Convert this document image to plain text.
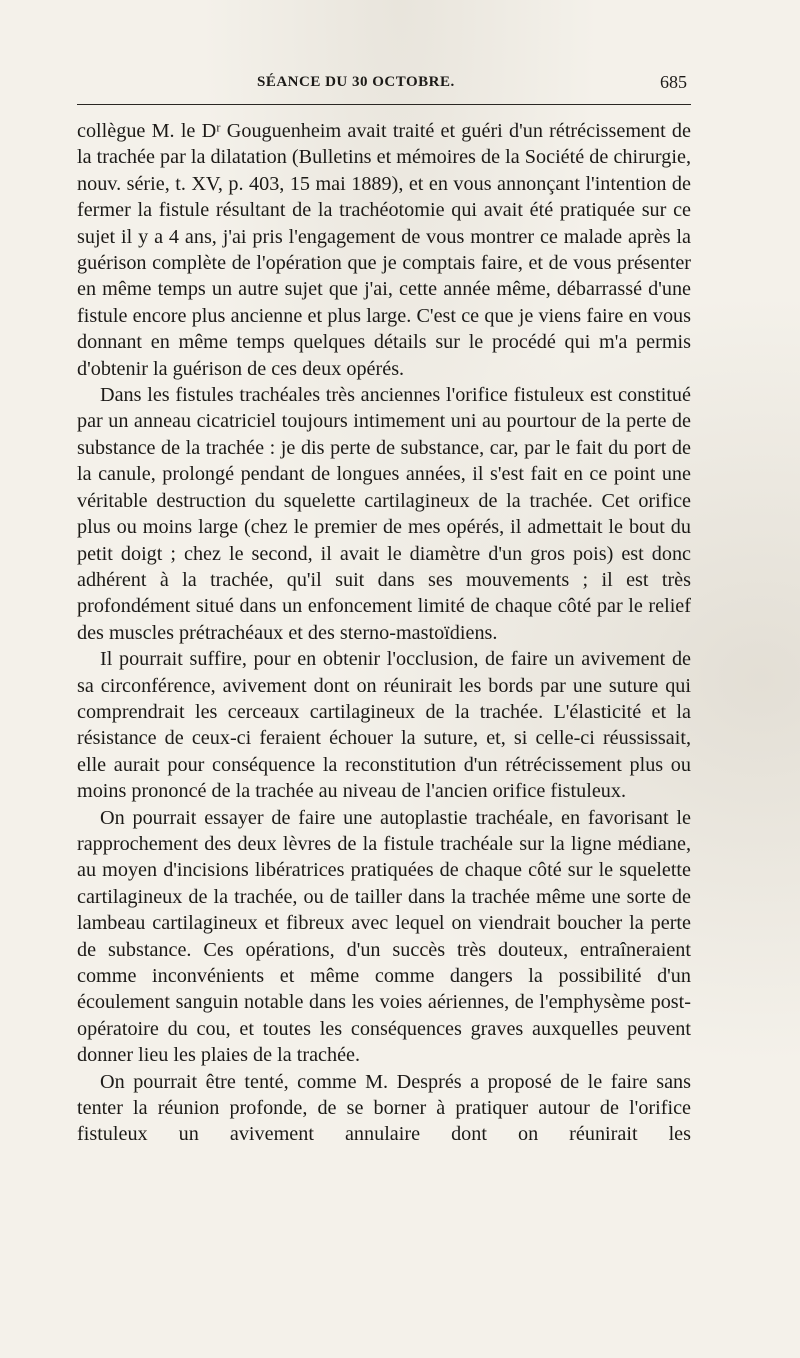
SÉANCE DU 30 OCTOBRE.	685

collègue M. le Dʳ Gouguenheim avait traité et guéri d'un rétrécissement de la trachée par la dilatation (Bulletins et mémoires de la Société de chirurgie, nouv. série, t. XV, p. 403, 15 mai 1889), et en vous annonçant l'intention de fermer la fistule résultant de la trachéotomie qui avait été pratiquée sur ce sujet il y a 4 ans, j'ai pris l'engagement de vous montrer ce malade après la guérison complète de l'opération que je comptais faire, et de vous présenter en même temps un autre sujet que j'ai, cette année même, débarrassé d'une fistule encore plus ancienne et plus large. C'est ce que je viens faire en vous donnant en même temps quelques détails sur le procédé qui m'a permis d'obtenir la guérison de ces deux opérés.

Dans les fistules trachéales très anciennes l'orifice fistuleux est constitué par un anneau cicatriciel toujours intimement uni au pourtour de la perte de substance de la trachée : je dis perte de substance, car, par le fait du port de la canule, prolongé pendant de longues années, il s'est fait en ce point une véritable destruction du squelette cartilagineux de la trachée. Cet orifice plus ou moins large (chez le premier de mes opérés, il admettait le bout du petit doigt ; chez le second, il avait le diamètre d'un gros pois) est donc adhérent à la trachée, qu'il suit dans ses mouvements ; il est très profondément situé dans un enfoncement limité de chaque côté par le relief des muscles prétrachéaux et des sterno-mastoïdiens.

Il pourrait suffire, pour en obtenir l'occlusion, de faire un avivement de sa circonférence, avivement dont on réunirait les bords par une suture qui comprendrait les cerceaux cartilagineux de la trachée. L'élasticité et la résistance de ceux-ci feraient échouer la suture, et, si celle-ci réussissait, elle aurait pour conséquence la reconstitution d'un rétrécissement plus ou moins prononcé de la trachée au niveau de l'ancien orifice fistuleux.

On pourrait essayer de faire une autoplastie trachéale, en favorisant le rapprochement des deux lèvres de la fistule trachéale sur la ligne médiane, au moyen d'incisions libératrices pratiquées de chaque côté sur le squelette cartilagineux de la trachée, ou de tailler dans la trachée même une sorte de lambeau cartilagineux et fibreux avec lequel on viendrait boucher la perte de substance. Ces opérations, d'un succès très douteux, entraîneraient comme inconvénients et même comme dangers la possibilité d'un écoulement sanguin notable dans les voies aériennes, de l'emphysème post-opératoire du cou, et toutes les conséquences graves auxquelles peuvent donner lieu les plaies de la trachée.

On pourrait être tenté, comme M. Després a proposé de le faire sans tenter la réunion profonde, de se borner à pratiquer autour de l'orifice fistuleux un avivement annulaire dont on réunirait les
